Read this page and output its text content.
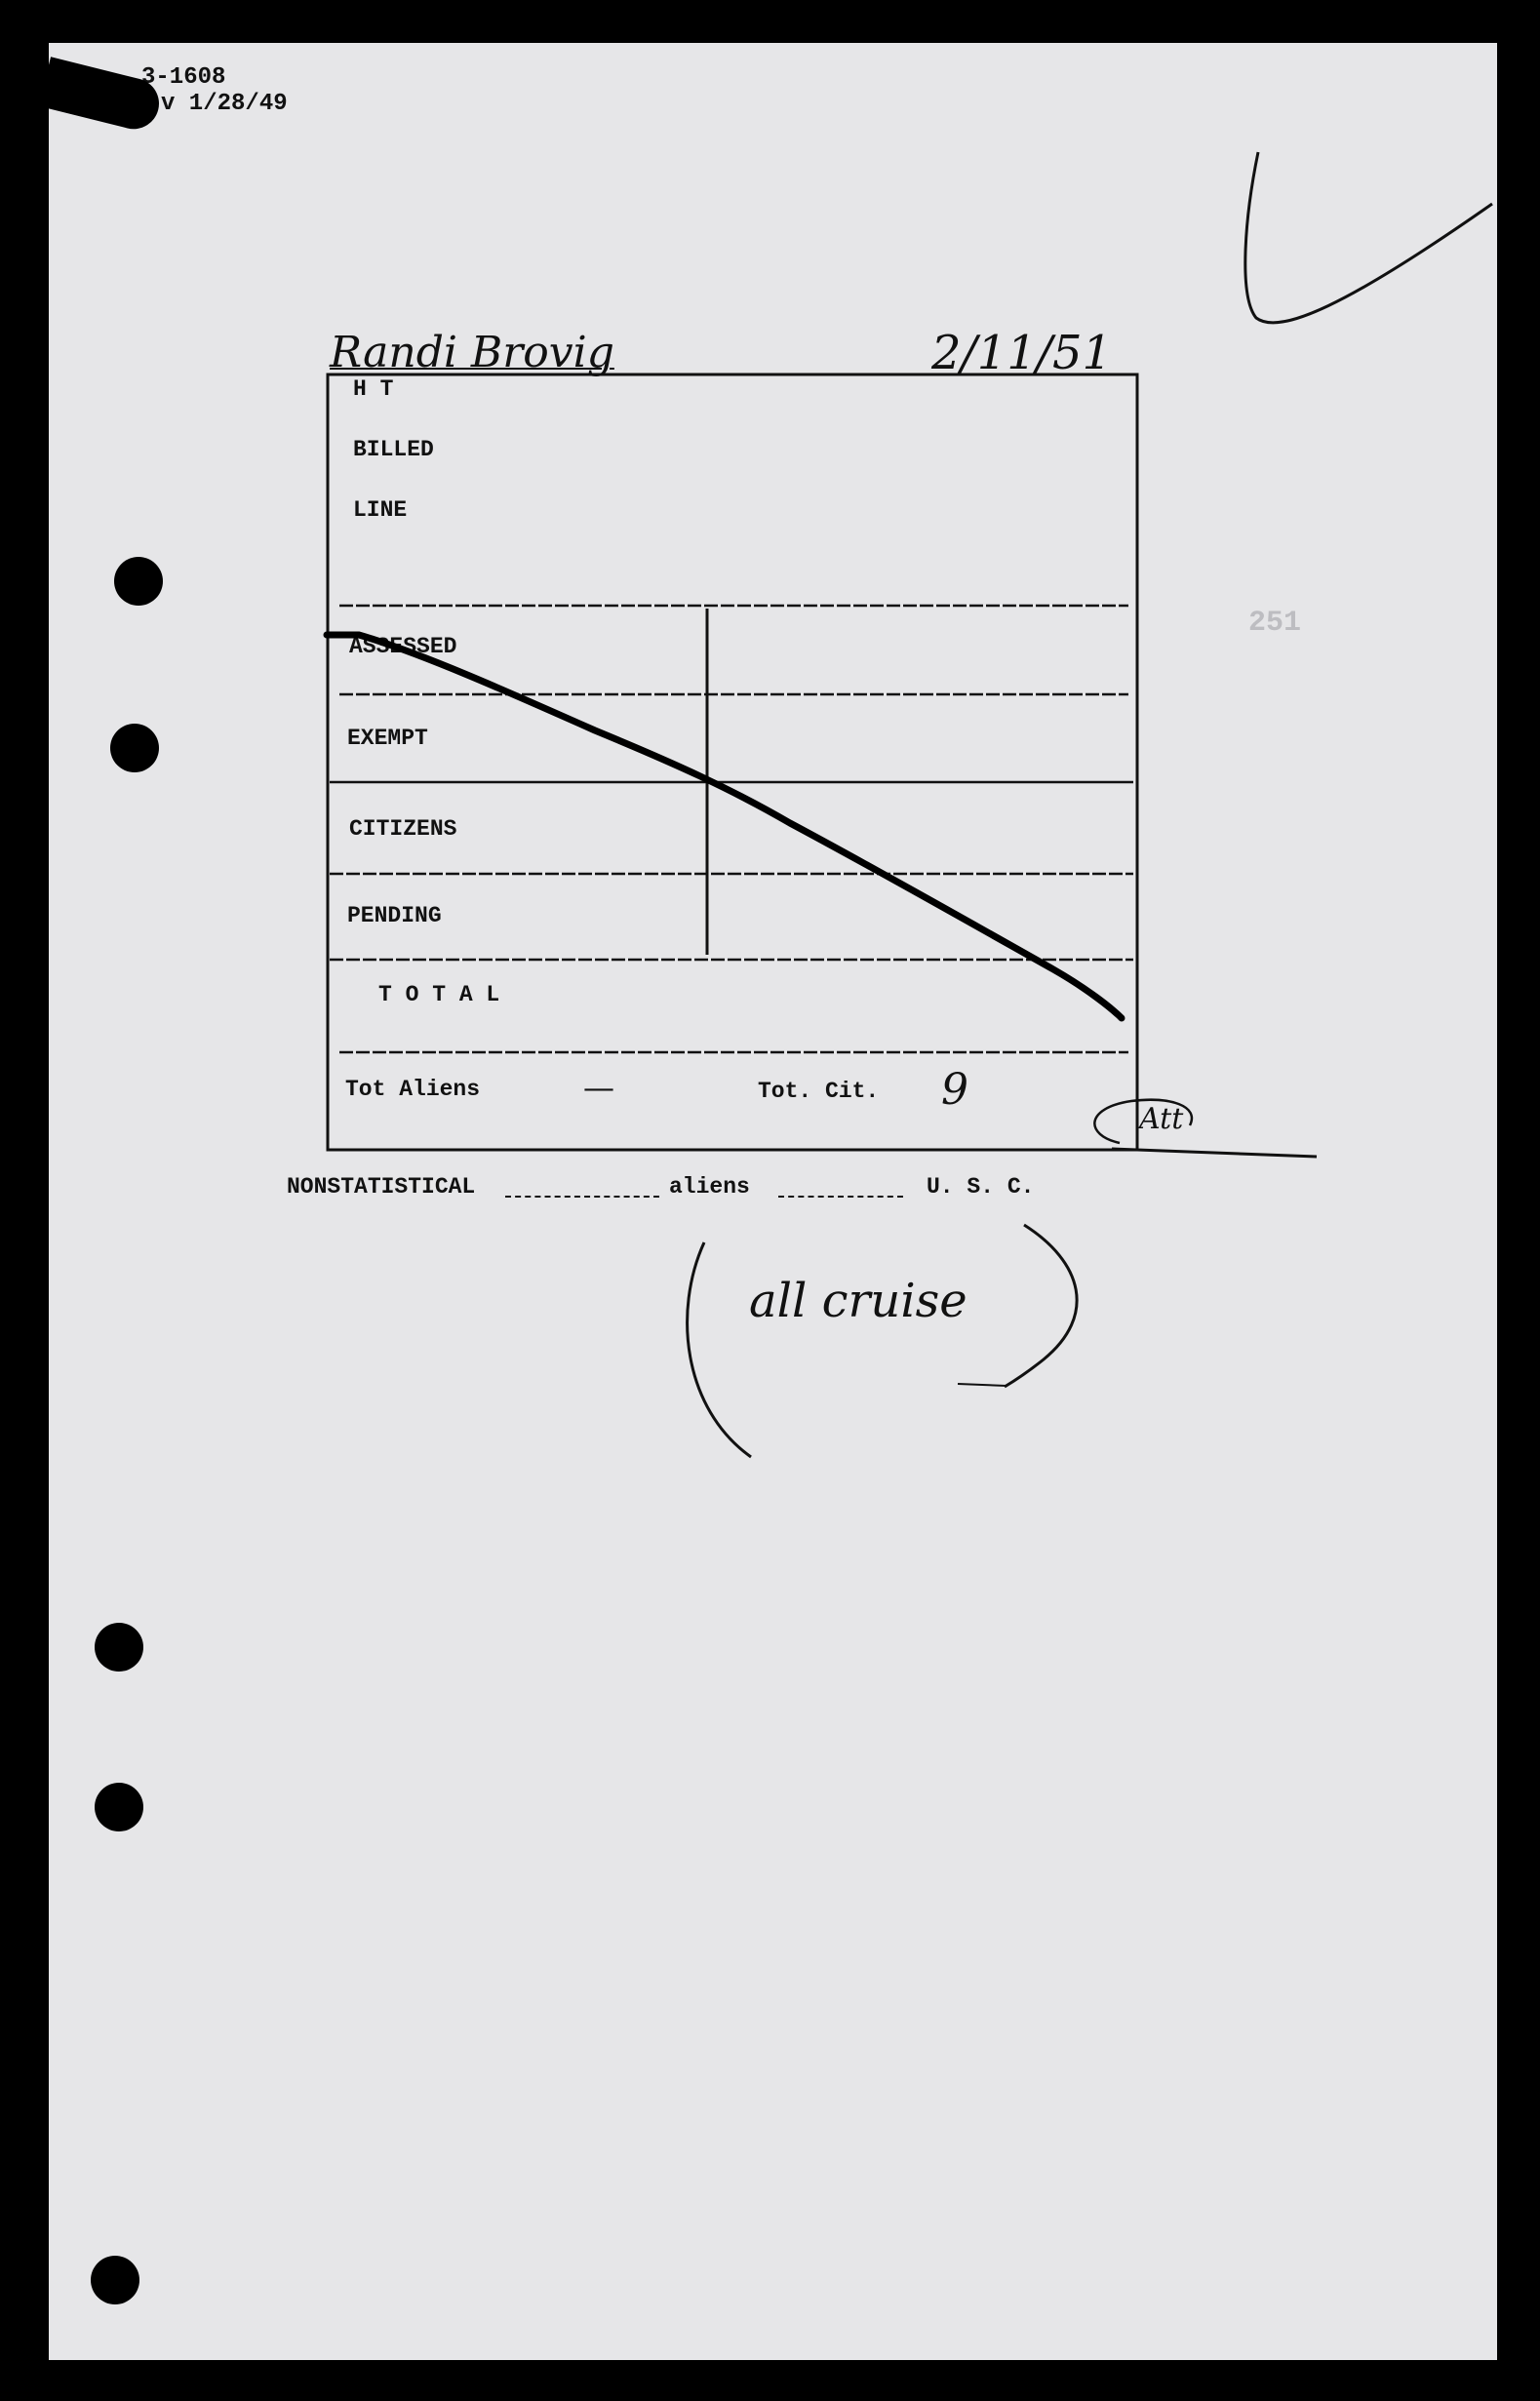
3-1608
v 1/28/49
Randi Brovig	2/11/51
H T
BILLED
LINE
ASSESSED
EXEMPT
CITIZENS
PENDING
T O T A L
Tot Aliens	—	Tot. Cit. 9
Att
NONSTATISTICAL	aliens	U. S. C.
all cruise
251
